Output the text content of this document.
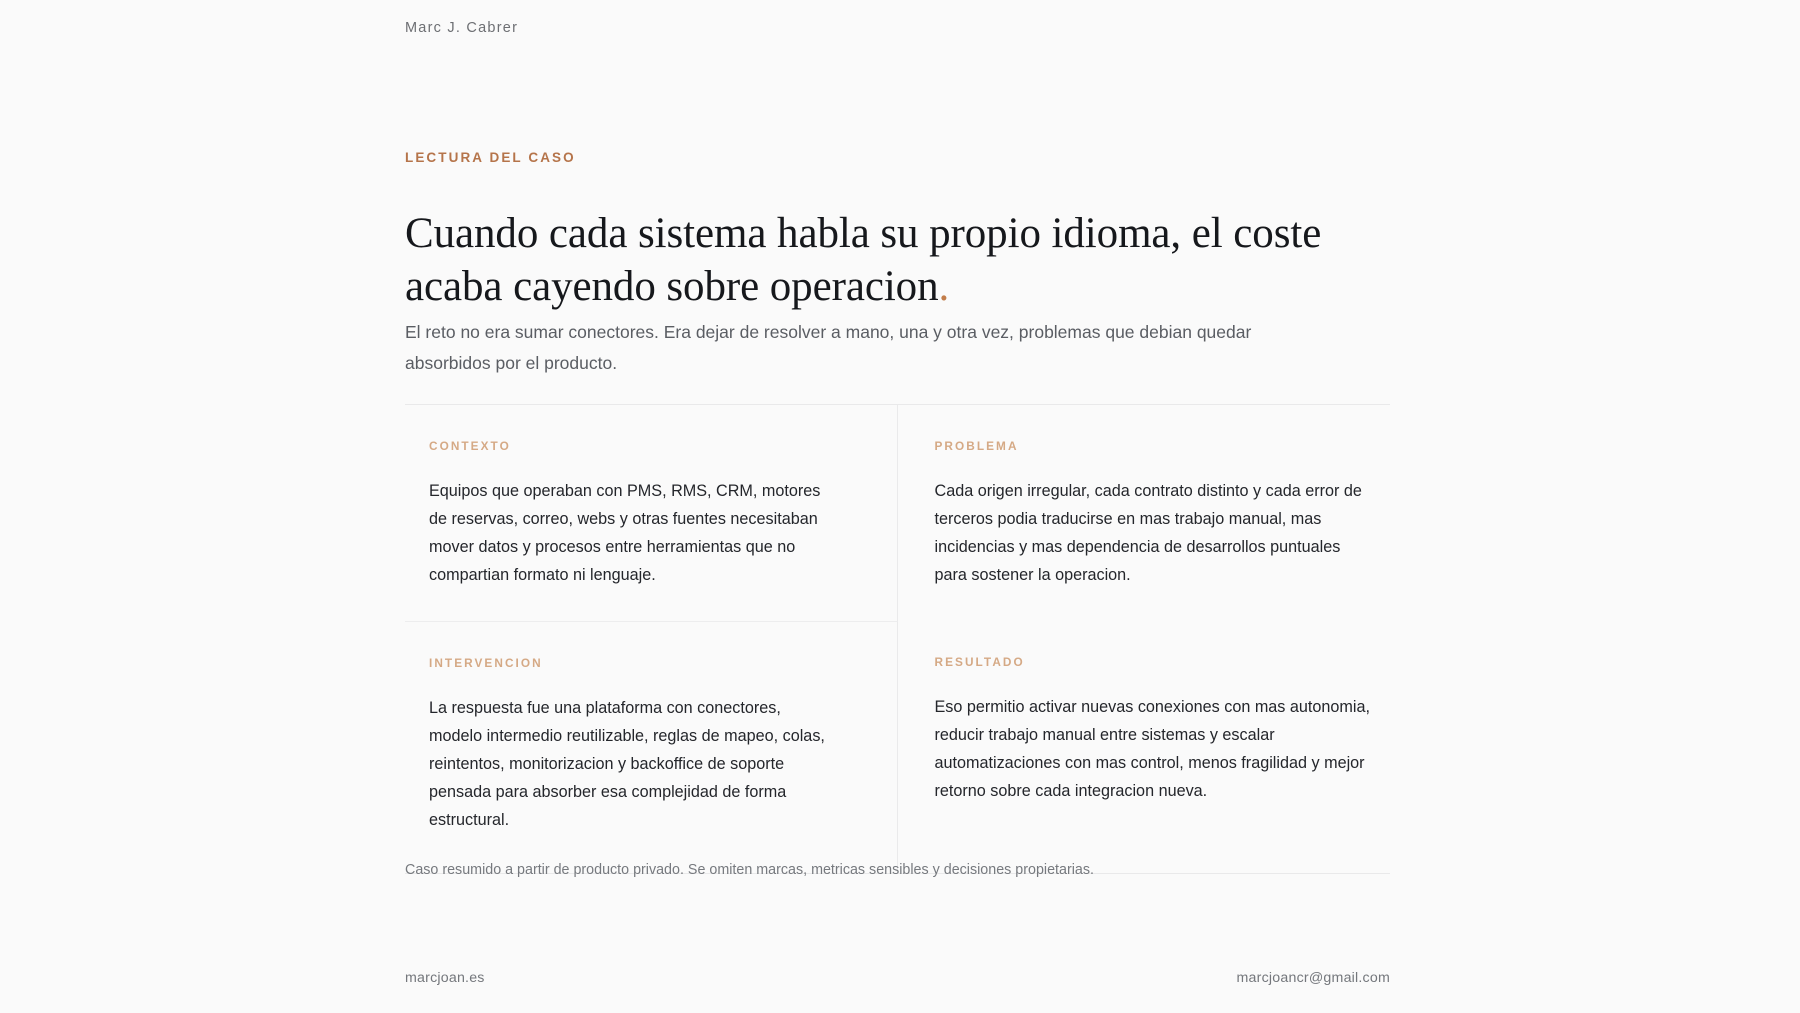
Marc J. Cabrer
LECTURA DEL CASO
Cuando cada sistema habla su propio idioma, el coste acaba cayendo sobre operacion.

El reto no era sumar conectores. Era dejar de resolver a mano, una y otra vez, problemas que debian quedar absorbidos por el producto.

CONTEXTO
Equipos que operaban con PMS, RMS, CRM, motores de reservas, correo, webs y otras fuentes necesitaban mover datos y procesos entre herramientas que no compartian formato ni lenguaje.
PROBLEMA
Cada origen irregular, cada contrato distinto y cada error de terceros podia traducirse en mas trabajo manual, mas incidencias y mas dependencia de desarrollos puntuales para sostener la operacion.
INTERVENCION
La respuesta fue una plataforma con conectores, modelo intermedio reutilizable, reglas de mapeo, colas, reintentos, monitorizacion y backoffice de soporte pensada para absorber esa complejidad de forma estructural.
RESULTADO
Eso permitio activar nuevas conexiones con mas autonomia, reducir trabajo manual entre sistemas y escalar automatizaciones con mas control, menos fragilidad y mejor retorno sobre cada integracion nueva.

Caso resumido a partir de producto privado. Se omiten marcas, metricas sensibles y decisiones propietarias.

marcjoan.es	marcjoancr@gmail.com
